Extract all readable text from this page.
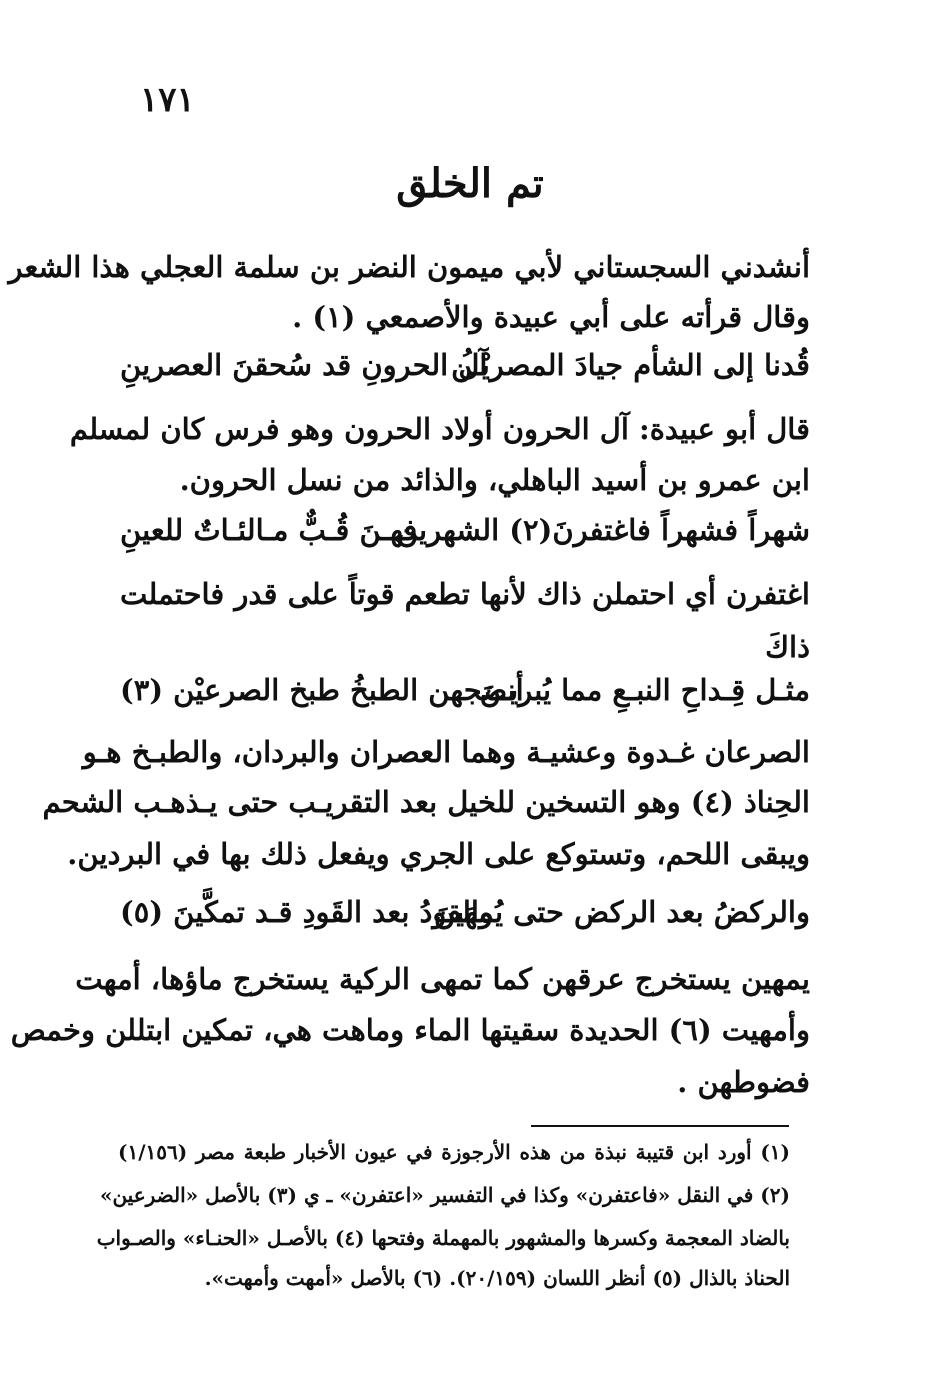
١٧١
تم الخلق
أنشدني السجستاني لأبي ميمون النضر بن سلمة العجلي هذا الشعر
وقال قرأته على أبي عبيدة والأصمعي (١) .
قُدنا إلى الشأم جيادَ المصريْـن
آلُ الحرونِ قد سُحقنَ العصرينِ
قال أبو عبيدة: آل الحرون أولاد الحرون وهو فرس كان لمسلم
ابن عمرو بن أسيد الباهلي، والذائد من نسل الحرون.
شهراً فشهراً فاغتفرنَ(٢) الشهرين
فهـنَ قُـبٌّ مـالئـاتٌ للعينِ
اغتفرن أي احتملن ذاك لأنها تطعم قوتاً على قدر فاحتملت
ذاكَ
مثـل قِـداحِ النبـعِ مما يُبريـنَ
أنضجهن الطبخُ طبخ الصرعيْن (٣)
الصرعان غـدوة وعشيـة وهما العصران والبردان، والطبـخ هـو
الحِناذ (٤) وهو التسخين للخيل بعد التقريـب حتى يـذهـب الشحم
ويبقى اللحم، وتستوكع على الجري ويفعل ذلك بها في البردين.
والركضُ بعد الركض حتى يُمهَينَ
والقودُ بعد القَودِ قـد تمكَّينَ (٥)
يمهين يستخرج عرقهن كما تمهى الركية يستخرج ماؤها، أمهت
وأمهيت (٦) الحديدة سقيتها الماء وماهت هي، تمكين ابتللن وخمص
فضوطهن .
(١) أورد ابن قتيبة نبذة من هذه الأرجوزة في عيون الأخبار طبعة مصر (١/١٥٦)
(٢) في النقل «فاعتفرن» وكذا في التفسير «اعتفرن» ـ ي (٣) بالأصل «الضرعين»
بالضاد المعجمة وكسرها والمشهور بالمهملة وفتحها (٤) بالأصـل «الحنـاء» والصـواب
الحناذ بالذال (٥) أنظر اللسان (٢٠/١٥٩). (٦) بالأصل «أمهت وأمهت».
